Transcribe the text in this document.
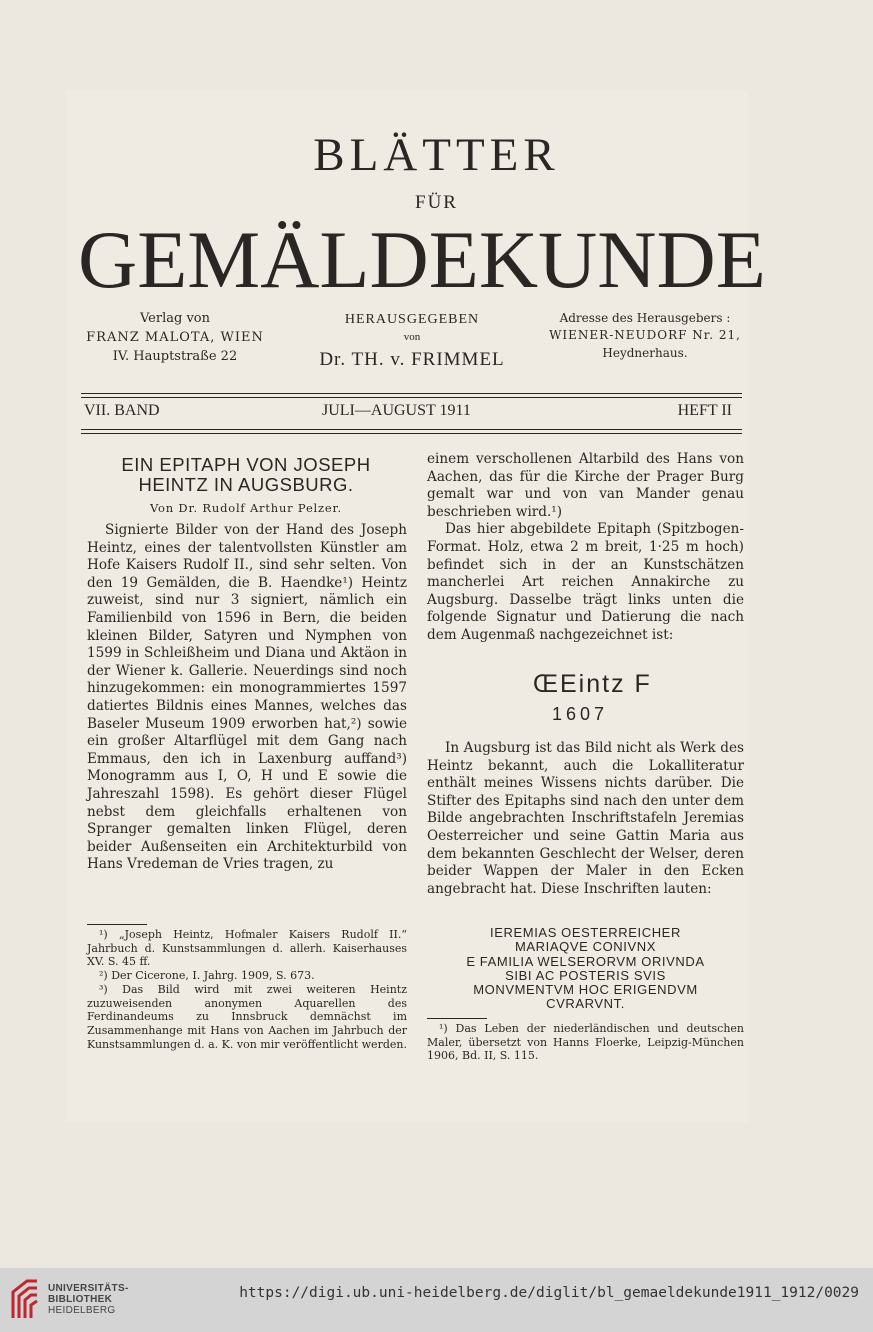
BLÄTTER
FÜR
GEMÄLDEKUNDE
Verlag von
FRANZ MALOTA, WIEN
IV. Hauptstraße 22
HERAUSGEGEBEN
von
Dr. TH. v. FRIMMEL
Adresse des Herausgebers :
WIENER-NEUDORF Nr. 21,
Heydnerhaus.
VII. BAND	JULI—AUGUST 1911	HEFT II
EIN EPITAPH VON JOSEPH
HEINTZ IN AUGSBURG.
Von Dr. Rudolf Arthur Pelzer.

Signierte Bilder von der Hand des Joseph Heintz, eines der talentvollsten Künstler am Hofe Kaisers Rudolf II., sind sehr selten. Von den 19 Gemälden, die B. Haendke¹) Heintz zuweist, sind nur 3 signiert, nämlich ein Familienbild von 1596 in Bern, die beiden kleinen Bilder, Satyren und Nymphen von 1599 in Schleißheim und Diana und Aktäon in der Wiener k. Gallerie. Neuerdings sind noch hinzugekommen: ein monogrammiertes 1597 datiertes Bildnis eines Mannes, welches das Baseler Museum 1909 erworben hat,²) sowie ein großer Altarflügel mit dem Gang nach Emmaus, den ich in Laxenburg auffand³) Monogramm aus I, O, H und E sowie die Jahreszahl 1598). Es gehört dieser Flügel nebst dem gleichfalls erhaltenen von Spranger gemalten linken Flügel, deren beider Außenseiten ein Architekturbild von Hans Vredeman de Vries tragen, zu

¹) „Joseph Heintz, Hofmaler Kaisers Rudolf II.“ Jahrbuch d. Kunstsammlungen d. allerh. Kaiserhauses XV. S. 45 ff.

²) Der Cicerone, I. Jahrg. 1909, S. 673.

³) Das Bild wird mit zwei weiteren Heintz zuzuweisenden anonymen Aquarellen des Ferdinandeums zu Innsbruck demnächst im Zusammenhange mit Hans von Aachen im Jahrbuch der Kunstsammlungen d. a. K. von mir veröffentlicht werden.

einem verschollenen Altarbild des Hans von Aachen, das für die Kirche der Prager Burg gemalt war und von van Mander genau beschrieben wird.¹)

Das hier abgebildete Epitaph (Spitzbogen-Format. Holz, etwa 2 m breit, 1·25 m hoch) befindet sich in der an Kunstschätzen mancherlei Art reichen Annakirche zu Augsburg. Dasselbe trägt links unten die folgende Signatur und Datierung die nach dem Augenmaß nachgezeichnet ist:

ŒEintz F
1607

In Augsburg ist das Bild nicht als Werk des Heintz bekannt, auch die Lokalliteratur enthält meines Wissens nichts darüber. Die Stifter des Epitaphs sind nach den unter dem Bilde angebrachten Inschriftstafeln Jeremias Oesterreicher und seine Gattin Maria aus dem bekannten Geschlecht der Welser, deren beider Wappen der Maler in den Ecken angebracht hat. Diese Inschriften lauten:

IEREMIAS OESTERREICHER
MARIAQVE CONIVNX
E FAMILIA WELSERORVM ORIVNDA
SIBI AC POSTERIS SVIS
MONVMENTVM HOC ERIGENDVM
CVRARVNT.

¹) Das Leben der niederländischen und deutschen Maler, übersetzt von Hanns Floerke, Leipzig-München 1906, Bd. II, S. 115.

UNIVERSITÄTS-
BIBLIOTHEK
HEIDELBERG
https://digi.ub.uni-heidelberg.de/diglit/bl_gemaeldekunde1911_1912/0029
